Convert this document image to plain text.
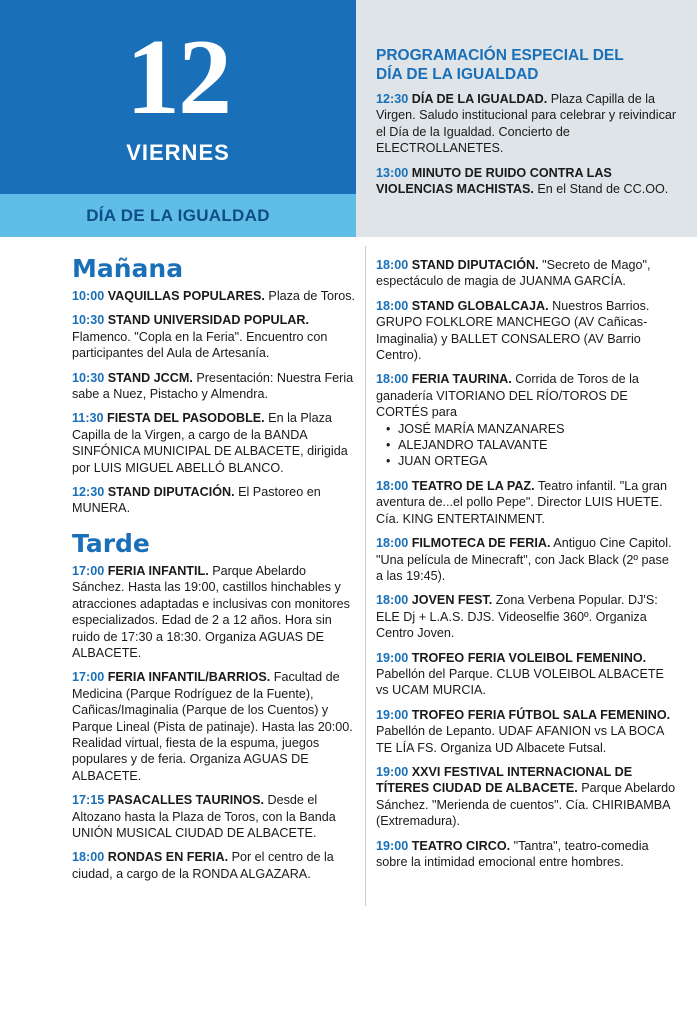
12
VIERNES
DÍA DE LA IGUALDAD
PROGRAMACIÓN ESPECIAL DEL
DÍA DE LA IGUALDAD
12:30 DÍA DE LA IGUALDAD. Plaza Capilla de la Virgen. Saludo institucional para celebrar y reivindicar el Día de la Igualdad. Concierto de ELECTROLLANETES.
13:00 MINUTO DE RUIDO CONTRA LAS VIOLENCIAS MACHISTAS. En el Stand de CC.OO.
Mañana
10:00 VAQUILLAS POPULARES. Plaza de Toros.
10:30 STAND UNIVERSIDAD POPULAR. Flamenco. "Copla en la Feria". Encuentro con participantes del Aula de Artesanía.
10:30 STAND JCCM. Presentación: Nuestra Feria sabe a Nuez, Pistacho y Almendra.
11:30 FIESTA DEL PASODOBLE. En la Plaza Capilla de la Virgen, a cargo de la BANDA SINFÓNICA MUNICIPAL DE ALBACETE, dirigida por LUIS MIGUEL ABELLÓ BLANCO.
12:30 STAND DIPUTACIÓN. El Pastoreo en MUNERA.
Tarde
17:00 FERIA INFANTIL. Parque Abelardo Sánchez. Hasta las 19:00, castillos hinchables y atracciones adaptadas e inclusivas con monitores especializados. Edad de 2 a 12 años. Hora sin ruido de 17:30 a 18:30. Organiza AGUAS DE ALBACETE.
17:00 FERIA INFANTIL/BARRIOS. Facultad de Medicina (Parque Rodríguez de la Fuente), Cañicas/Imaginalia (Parque de los Cuentos) y Parque Lineal (Pista de patinaje). Hasta las 20:00. Realidad virtual, fiesta de la espuma, juegos populares y de feria. Organiza AGUAS DE ALBACETE.
17:15 PASACALLES TAURINOS. Desde el Altozano hasta la Plaza de Toros, con la Banda UNIÓN MUSICAL CIUDAD DE ALBACETE.
18:00 RONDAS EN FERIA. Por el centro de la ciudad, a cargo de la RONDA ALGAZARA.
18:00 STAND DIPUTACIÓN. "Secreto de Mago", espectáculo de magia de JUANMA GARCÍA.
18:00 STAND GLOBALCAJA. Nuestros Barrios. GRUPO FOLKLORE MANCHEGO (AV Cañicas-Imaginalia) y BALLET CONSALERO (AV Barrio Centro).
18:00 FERIA TAURINA. Corrida de Toros de la ganadería VITORIANO DEL RÍO/TOROS DE CORTÉS para
• JOSÉ MARÍA MANZANARES
• ALEJANDRO TALAVANTE
• JUAN ORTEGA
18:00 TEATRO DE LA PAZ. Teatro infantil. "La gran aventura de...el pollo Pepe". Director LUIS HUETE. Cía. KING ENTERTAINMENT.
18:00 FILMOTECA DE FERIA. Antiguo Cine Capitol. "Una película de Minecraft", con Jack Black (2º pase a las 19:45).
18:00 JOVEN FEST. Zona Verbena Popular. DJ'S: ELE Dj + L.A.S. DJS. Videoselfie 360º. Organiza Centro Joven.
19:00 TROFEO FERIA VOLEIBOL FEMENINO. Pabellón del Parque. CLUB VOLEIBOL ALBACETE vs UCAM MURCIA.
19:00 TROFEO FERIA FÚTBOL SALA FEMENINO. Pabellón de Lepanto. UDAF AFANION vs LA BOCA TE LÍA FS. Organiza UD Albacete Futsal.
19:00 XXVI FESTIVAL INTERNACIONAL DE TÍTERES CIUDAD DE ALBACETE. Parque Abelardo Sánchez. "Merienda de cuentos". Cía. CHIRIBAMBA (Extremadura).
19:00 TEATRO CIRCO. "Tantra", teatro-comedia sobre la intimidad emocional entre hombres.
